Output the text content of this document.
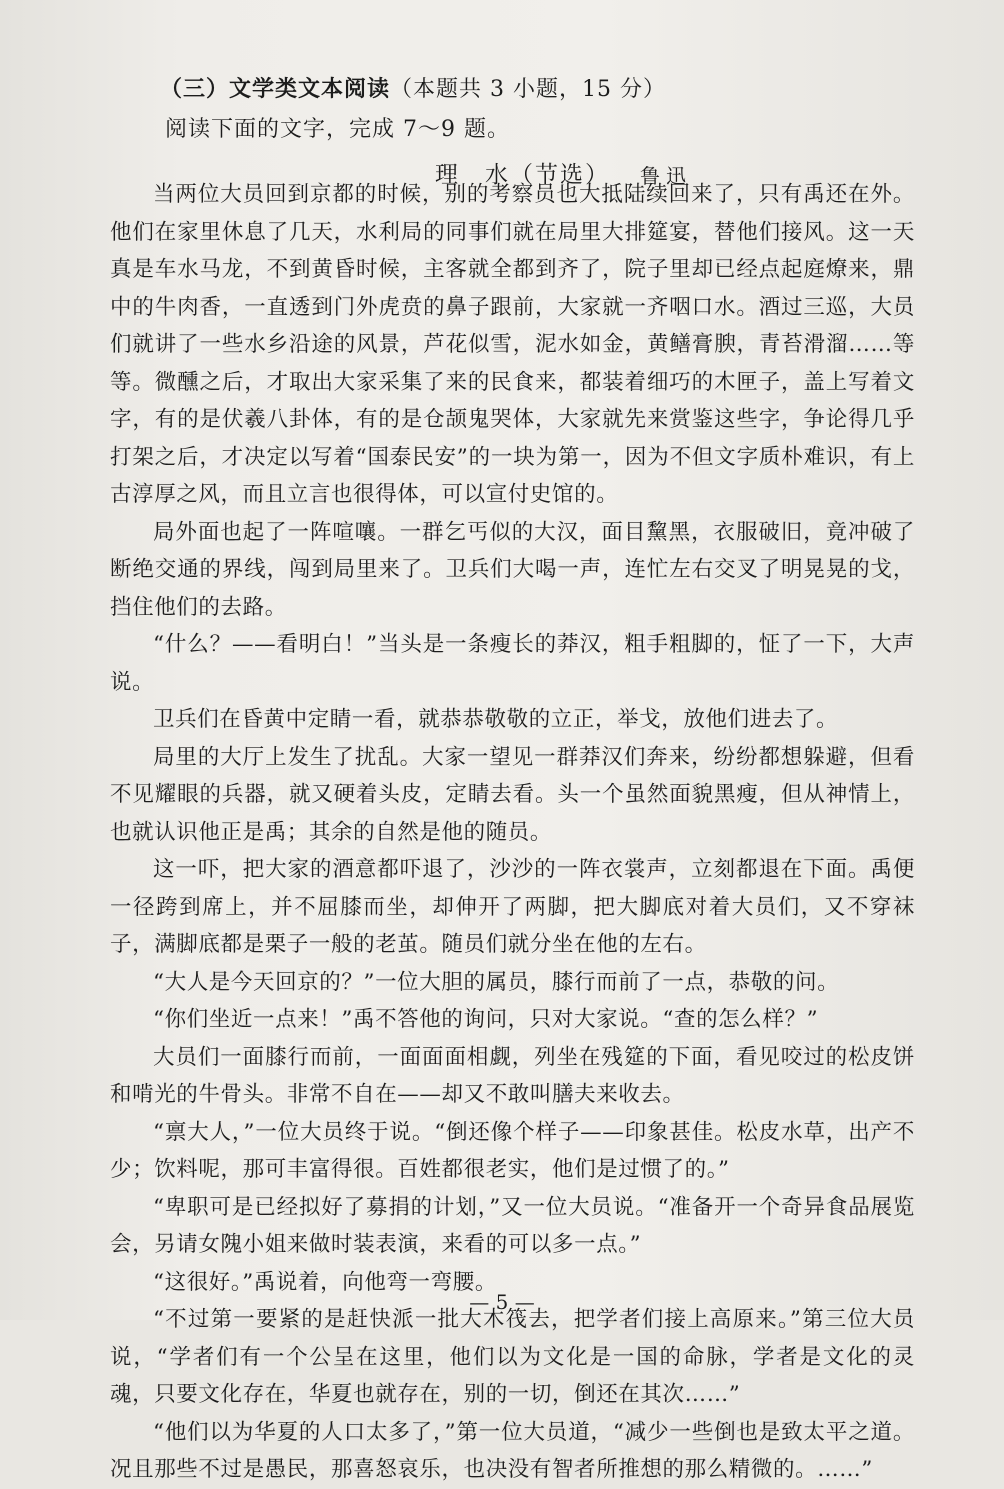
（三）文学类文本阅读（本题共 3 小题，15 分）
阅读下面的文字，完成 7～9 题。
理　水（节选） 鲁迅

当两位大员回到京都的时候，别的考察员也大抵陆续回来了，只有禹还在外。他们在家里休息了几天，水利局的同事们就在局里大排筵宴，替他们接风。这一天真是车水马龙，不到黄昏时候，主客就全都到齐了，院子里却已经点起庭燎来，鼎中的牛肉香，一直透到门外虎贲的鼻子跟前，大家就一齐咽口水。酒过三巡，大员们就讲了一些水乡沿途的风景，芦花似雪，泥水如金，黄鳝膏腴，青苔滑溜……等等。微醺之后，才取出大家采集了来的民食来，都装着细巧的木匣子，盖上写着文字，有的是伏羲八卦体，有的是仓颉鬼哭体，大家就先来赏鉴这些字，争论得几乎打架之后，才决定以写着“国泰民安”的一块为第一，因为不但文字质朴难识，有上古淳厚之风，而且立言也很得体，可以宣付史馆的。

局外面也起了一阵喧嚷。一群乞丐似的大汉，面目黧黑，衣服破旧，竟冲破了断绝交通的界线，闯到局里来了。卫兵们大喝一声，连忙左右交叉了明晃晃的戈，挡住他们的去路。

“什么？——看明白！”当头是一条瘦长的莽汉，粗手粗脚的，怔了一下，大声说。

卫兵们在昏黄中定睛一看，就恭恭敬敬的立正，举戈，放他们进去了。

局里的大厅上发生了扰乱。大家一望见一群莽汉们奔来，纷纷都想躲避，但看不见耀眼的兵器，就又硬着头皮，定睛去看。头一个虽然面貌黑瘦，但从神情上，也就认识他正是禹；其余的自然是他的随员。

这一吓，把大家的酒意都吓退了，沙沙的一阵衣裳声，立刻都退在下面。禹便一径跨到席上，并不屈膝而坐，却伸开了两脚，把大脚底对着大员们，又不穿袜子，满脚底都是栗子一般的老茧。随员们就分坐在他的左右。

“大人是今天回京的？”一位大胆的属员，膝行而前了一点，恭敬的问。

“你们坐近一点来！”禹不答他的询问，只对大家说。“查的怎么样？”

大员们一面膝行而前，一面面面相觑，列坐在残筵的下面，看见咬过的松皮饼和啃光的牛骨头。非常不自在——却又不敢叫膳夫来收去。

“禀大人，”一位大员终于说。“倒还像个样子——印象甚佳。松皮水草，出产不少；饮料呢，那可丰富得很。百姓都很老实，他们是过惯了的。”

“卑职可是已经拟好了募捐的计划，”又一位大员说。“准备开一个奇异食品展览会，另请女隗小姐来做时装表演，来看的可以多一点。”

“这很好。”禹说着，向他弯一弯腰。

“不过第一要紧的是赶快派一批大木筏去，把学者们接上高原来。”第三位大员说，“学者们有一个公呈在这里，他们以为文化是一国的命脉，学者是文化的灵魂，只要文化存在，华夏也就存在，别的一切，倒还在其次……”

“他们以为华夏的人口太多了，”第一位大员道，“减少一些倒也是致太平之道。况且那些不过是愚民，那喜怒哀乐，也决没有智者所推想的那么精微的。……”

— 5 —
